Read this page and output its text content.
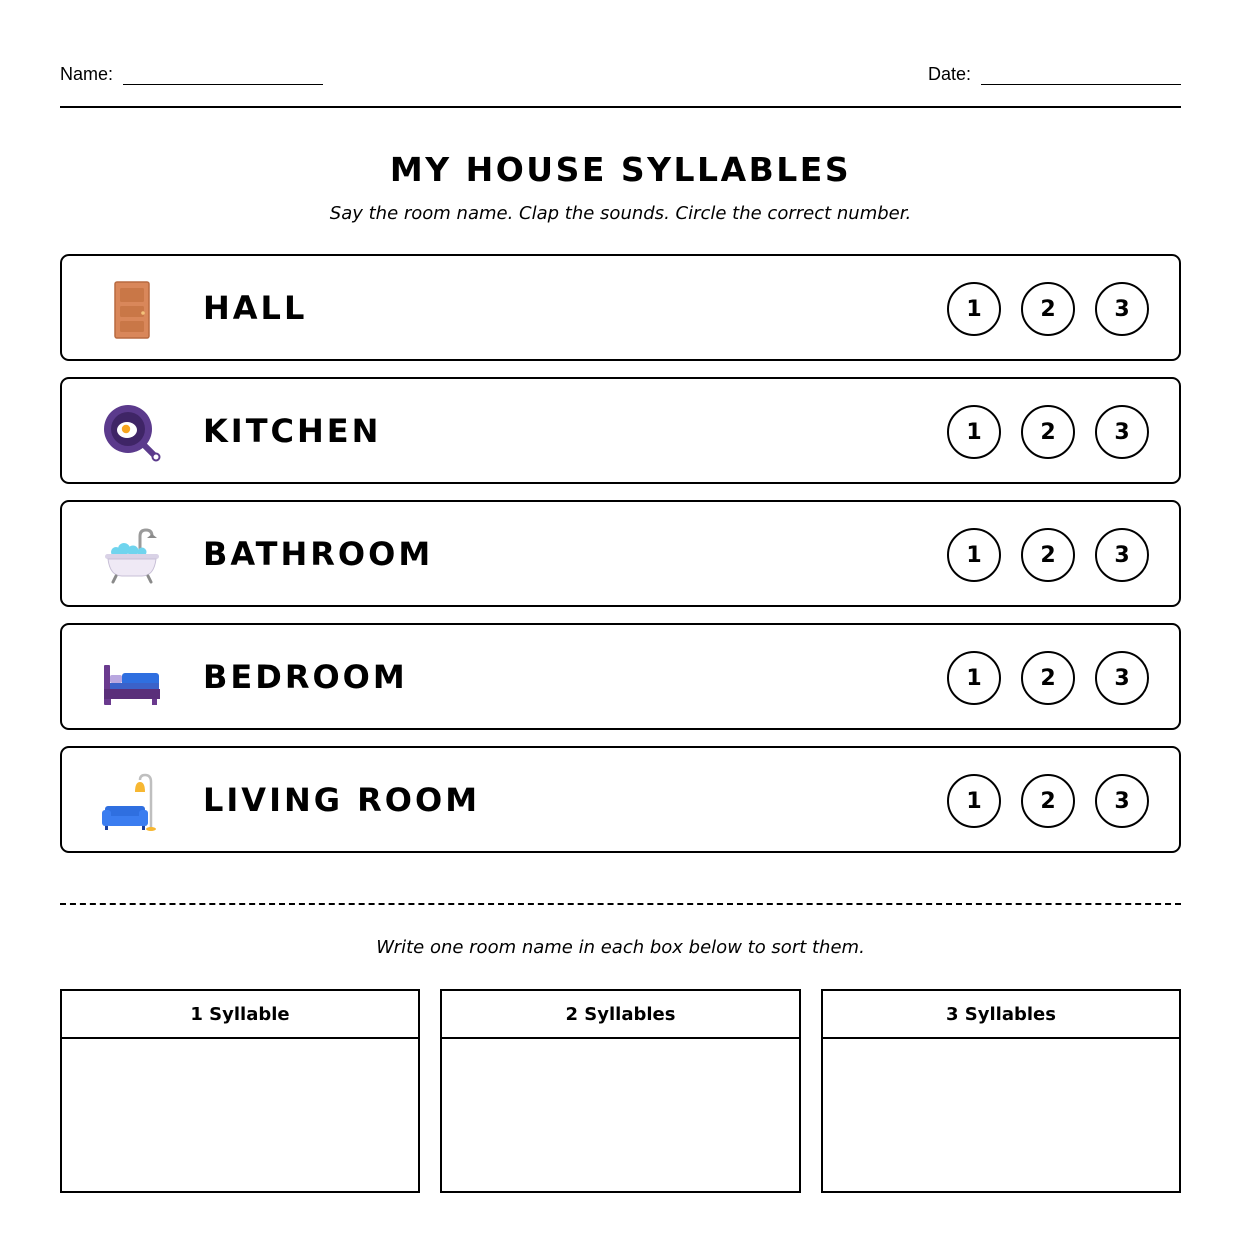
Name:	Date:
MY HOUSE SYLLABLES
Say the room name. Clap the sounds. Circle the correct number.
HALL	1	2	3
KITCHEN	1	2	3
BATHROOM	1	2	3
BEDROOM	1	2	3
LIVING ROOM	1	2	3
Write one room name in each box below to sort them.
1 Syllable	2 Syllables	3 Syllables
